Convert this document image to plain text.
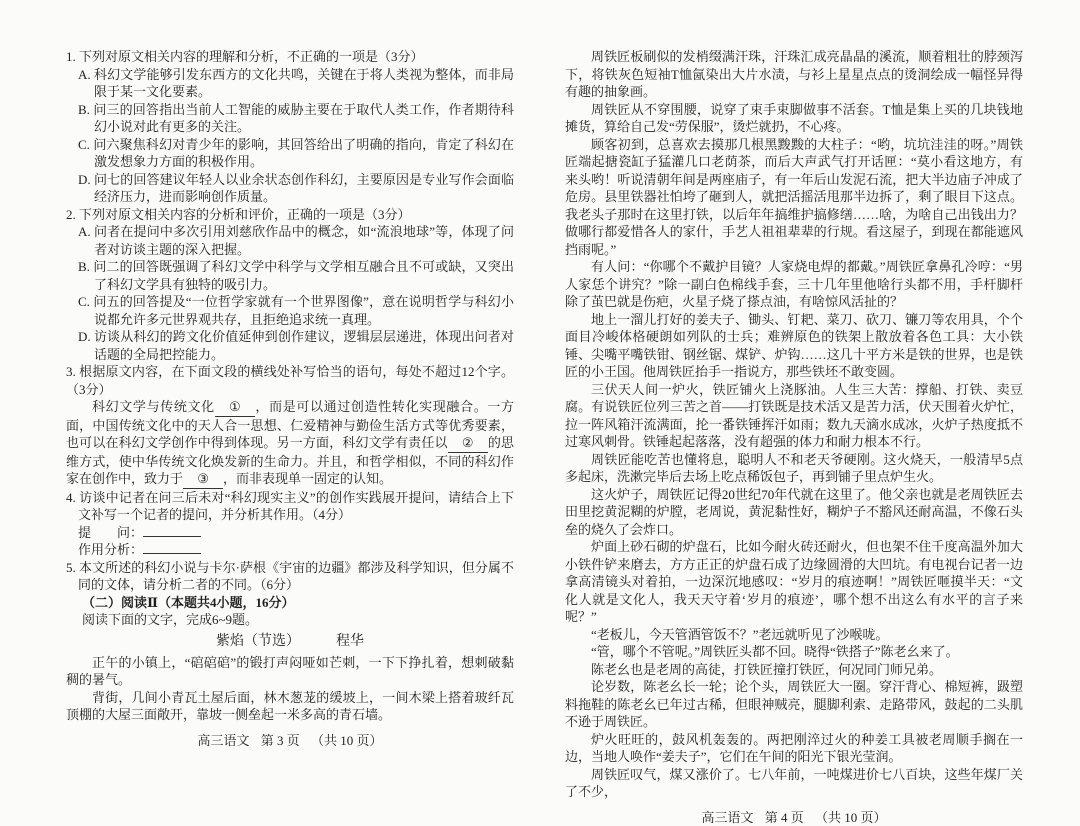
1. 下列对原文相关内容的理解和分析，不正确的一项是（3分）

A. 科幻文学能够引发东西方的文化共鸣，关键在于将人类视为整体，而非局限于某一文化要素。

B. 问三的回答指出当前人工智能的威胁主要在于取代人类工作，作者期待科幻小说对此有更多的关注。

C. 问六聚焦科幻对青少年的影响，其回答给出了明确的指向，肯定了科幻在激发想象力方面的积极作用。

D. 问七的回答建议年轻人以业余状态创作科幻，主要原因是专业写作会面临经济压力，进而影响创作质量。

2. 下列对原文相关内容的分析和评价，正确的一项是（3分）

A. 问者在提问中多次引用刘慈欣作品中的概念，如“流浪地球”等，体现了问者对访谈主题的深入把握。

B. 问二的回答既强调了科幻文学中科学与文学相互融合且不可或缺，又突出了科幻文学具有独特的吸引力。

C. 问五的回答提及“一位哲学家就有一个世界图像”，意在说明哲学与科幻小说都允许多元世界观共存，且拒绝追求统一真理。

D. 访谈从科幻的跨文化价值延伸到创作建议，逻辑层层递进，体现出问者对话题的全局把控能力。

3. 根据原文内容，在下面文段的横线处补写恰当的语句，每处不超过12个字。（3分）

科幻文学与传统文化 ① ，而是可以通过创造性转化实现融合。一方面，中国传统文化中的天人合一思想、仁爱精神与勤俭生活方式等优秀要素，也可以在科幻文学创作中得到体现。另一方面，科幻文学有责任以 ② 的思维方式，使中华传统文化焕发新的生命力。并且，和哲学相似，不同的科幻作家在创作中，致力于 ③ ，而非表现单一固定的认知。

4. 访谈中记者在问三后未对“科幻现实主义”的创作实践展开提问，请结合上下文补写一个记者的提问，并分析其作用。（4分）

提　　问：

作用分析：

5. 本文所述的科幻小说与卡尔·萨根《宇宙的边疆》都涉及科学知识，但分属不同的文体，请分析二者的不同。（6分）

（二）阅读Ⅱ（本题共4小题，16分）

阅读下面的文字，完成6~9题。

紫焰（节选）	程华

正午的小镇上，“䃔䃔䃔”的锻打声闷哑如芒刺，一下下挣扎着，想刺破黏稠的暑气。

背街，几间小青瓦土屋后面，林木葱茏的缓坡上，一间木梁上搭着玻纤瓦顶棚的大屋三面敞开，靠坡一侧垒起一米多高的青石墙。

高三语文 第 3 页 （共 10 页）

周铁匠板刷似的发梢缀满汗珠，汗珠汇成亮晶晶的溪流，顺着粗壮的脖颈泻下，将铁灰色短袖T恤氤染出大片水渍，与衫上星星点点的烫洞绘成一幅怪异得有趣的抽象画。

周铁匠从不穿围腰，说穿了束手束脚做事不活套。T恤是集上买的几块钱地摊货，算给自己发“劳保服”，烫烂就扔，不心疼。

顾客初到，总喜欢去摸那几根黑黢黢的大柱子：“哟，坑坑洼洼的呀。”周铁匠端起搪瓷缸子猛灌几口老荫茶，而后大声武气打开话匣：“莫小看这地方，有来头哟！听说清朝年间是两座庙子，有一年后山发泥石流，把大半边庙子冲成了危房。县里铁器社怕垮了砸到人，就把活摇活甩那半边拆了，剩了眼目下这点。我老头子那时在这里打铁，以后年年搞维护搞修缮……啥，为啥自己出钱出力？做哪行都爱惜各人的家什，手艺人祖祖辈辈的行规。看这屋子，到现在都能遮风挡雨呢。”

有人问：“你哪个不戴护目镜？人家烧电焊的都戴。”周铁匠拿鼻孔冷哼：“男人家恁个讲究？”除一副白色棉线手套，三十几年里他啥行头都不用，手杆脚杆除了茧巴就是伤疤，火星子烧了搽点油，有啥惊风活扯的？

地上一溜儿打好的姜夫子、锄头、钉耙、菜刀、砍刀、镰刀等农用具，个个面目冷峻体格硬朗如列队的士兵；难辨原色的铁架上散放着各色工具：大小铁锤、尖嘴平嘴铁钳、钢丝锯、煤铲、炉钩……这几十平方米是铁的世界，也是铁匠的小王国。他周铁匠抬手一指说方，那些铁坯不敢变圆。

三伏天人间一炉火，铁匠铺火上浇豚油。人生三大苦：撑船、打铁、卖豆腐。有说铁匠位列三苦之首——打铁既是技术活又是苦力活，伏天围着火炉忙，拉一阵风箱汗流满面，抡一番铁锤挥汗如雨；数九天滴水成冰，火炉子热度抵不过寒风刺骨。铁锤起起落落，没有超强的体力和耐力根本不行。

周铁匠能吃苦也懂将息，聪明人不和老天爷硬刚。这火烧天，一般清早5点多起床，洗漱完毕后去场上吃点稀饭包子，再到铺子里点炉生火。

这火炉子，周铁匠记得20世纪70年代就在这里了。他父亲也就是老周铁匠去田里挖黄泥糊的炉膛，老周说，黄泥黏性好，糊炉子不豁风还耐高温，不像石头垒的烧久了会炸口。

炉面上砂石砌的炉盘石，比如今耐火砖还耐火，但也架不住千度高温外加大小铁件铲来磨去，方方正正的炉盘石成了边缘圆滑的大凹坑。有电视台记者一边拿高清镜头对着拍，一边深沉地感叹：“岁月的痕迹啊！”周铁匠咂摸半天：“文化人就是文化人，我天天守着‘岁月的痕迹’，哪个想不出这么有水平的言子来呢？”

“老板儿，今天管酒管饭不？”老远就听见了沙喉咙。

“管，哪个不管呢。”周铁匠头都不回。晓得“铁搭子”陈老幺来了。

陈老幺也是老周的高徒，打铁匠撞打铁匠，何况同门师兄弟。

论岁数，陈老幺长一轮；论个头，周铁匠大一圈。穿汗背心、棉短裤，趿塑料拖鞋的陈老幺已年过古稀，但眼神贼亮，腿脚利索、走路带风，鼓起的二头肌不逊于周铁匠。

炉火旺旺的，鼓风机轰轰的。两把刚淬过火的种姜工具被老周顺手搁在一边，当地人唤作“姜夫子”，它们在午间的阳光下银光莹润。

周铁匠叹气，煤又涨价了。七八年前，一吨煤进价七八百块，这些年煤厂关了不少，

高三语文 第 4 页 （共 10 页）
